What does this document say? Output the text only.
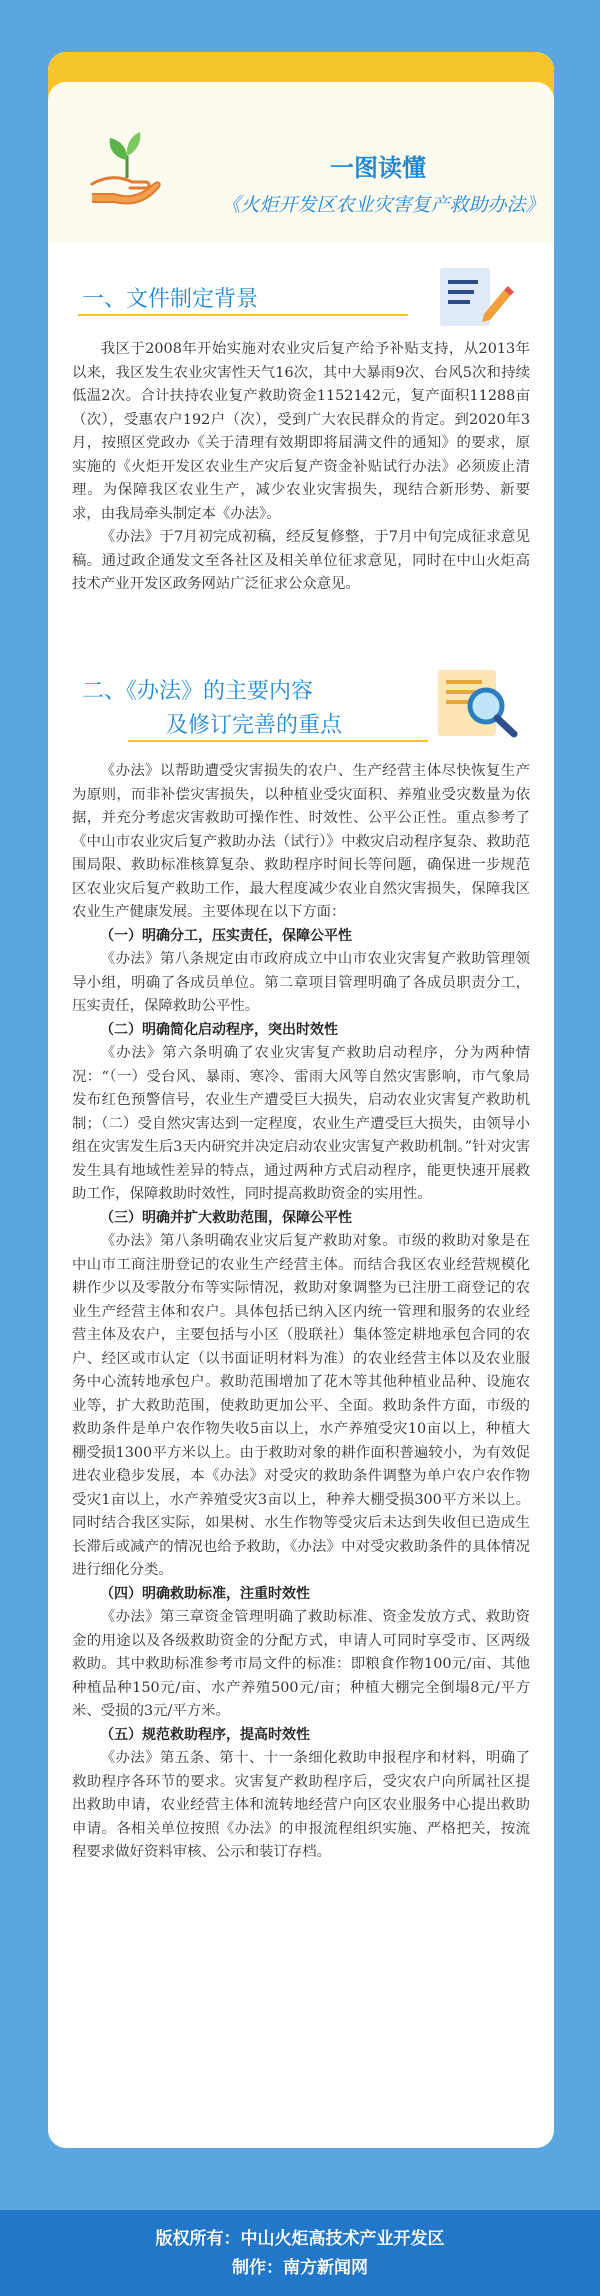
一图读懂
《火炬开发区农业灾害复产救助办法》
一、文件制定背景

我区于2008年开始实施对农业灾后复产给予补贴支持，从2013年以来，我区发生农业灾害性天气16次，其中大暴雨9次、台风5次和持续低温2次。合计扶持农业复产救助资金1152142元，复产面积11288亩（次），受惠农户192户（次），受到广大农民群众的肯定。到2020年3月，按照区党政办《关于清理有效期即将届满文件的通知》的要求，原实施的《火炬开发区农业生产灾后复产资金补贴试行办法》必须废止清理。为保障我区农业生产，减少农业灾害损失，现结合新形势、新要求，由我局牵头制定本《办法》。

《办法》于7月初完成初稿，经反复修整，于7月中旬完成征求意见稿。通过政企通发文至各社区及相关单位征求意见，同时在中山火炬高技术产业开发区政务网站广泛征求公众意见。

二、《办法》的主要内容
及修订完善的重点

《办法》以帮助遭受灾害损失的农户、生产经营主体尽快恢复生产为原则，而非补偿灾害损失，以种植业受灾面积、养殖业受灾数量为依据，并充分考虑灾害救助可操作性、时效性、公平公正性。重点参考了《中山市农业灾后复产救助办法（试行）》中救灾启动程序复杂、救助范围局限、救助标准核算复杂、救助程序时间长等问题，确保进一步规范区农业灾后复产救助工作，最大程度减少农业自然灾害损失，保障我区农业生产健康发展。主要体现在以下方面：

（一）明确分工，压实责任，保障公平性

《办法》第八条规定由市政府成立中山市农业灾害复产救助管理领导小组，明确了各成员单位。第二章项目管理明确了各成员职责分工，压实责任，保障救助公平性。

（二）明确简化启动程序，突出时效性

《办法》第六条明确了农业灾害复产救助启动程序，分为两种情况：“（一）受台风、暴雨、寒冷、雷雨大风等自然灾害影响，市气象局发布红色预警信号，农业生产遭受巨大损失，启动农业灾害复产救助机制；（二）受自然灾害达到一定程度，农业生产遭受巨大损失，由领导小组在灾害发生后3天内研究并决定启动农业灾害复产救助机制。”针对灾害发生具有地域性差异的特点，通过两种方式启动程序，能更快速开展救助工作，保障救助时效性，同时提高救助资金的实用性。

（三）明确并扩大救助范围，保障公平性

《办法》第八条明确农业灾后复产救助对象。市级的救助对象是在中山市工商注册登记的农业生产经营主体。而结合我区农业经营规模化耕作少以及零散分布等实际情况，救助对象调整为已注册工商登记的农业生产经营主体和农户。具体包括已纳入区内统一管理和服务的农业经营主体及农户，主要包括与小区（股联社）集体签定耕地承包合同的农户、经区或市认定（以书面证明材料为准）的农业经营主体以及农业服务中心流转地承包户。救助范围增加了花木等其他种植业品种、设施农业等，扩大救助范围，使救助更加公平、全面。救助条件方面，市级的救助条件是单户农作物失收5亩以上，水产养殖受灾10亩以上，种植大棚受损1300平方米以上。由于救助对象的耕作面积普遍较小，为有效促进农业稳步发展，本《办法》对受灾的救助条件调整为单户农户农作物受灾1亩以上，水产养殖受灾3亩以上，种养大棚受损300平方米以上。同时结合我区实际，如果树、水生作物等受灾后未达到失收但已造成生长滞后或减产的情况也给予救助，《办法》中对受灾救助条件的具体情况进行细化分类。

（四）明确救助标准，注重时效性

《办法》第三章资金管理明确了救助标准、资金发放方式、救助资金的用途以及各级救助资金的分配方式，申请人可同时享受市、区两级救助。其中救助标准参考市局文件的标准：即粮食作物100元/亩、其他种植品种150元/亩、水产养殖500元/亩；种植大棚完全倒塌8元/平方米、受损的3元/平方米。

（五）规范救助程序，提高时效性

《办法》第五条、第十、十一条细化救助申报程序和材料，明确了救助程序各环节的要求。灾害复产救助程序后，受灾农户向所属社区提出救助申请，农业经营主体和流转地经营户向区农业服务中心提出救助申请。各相关单位按照《办法》的申报流程组织实施、严格把关，按流程要求做好资料审核、公示和装订存档。

版权所有：中山火炬高技术产业开发区
制作：南方新闻网
